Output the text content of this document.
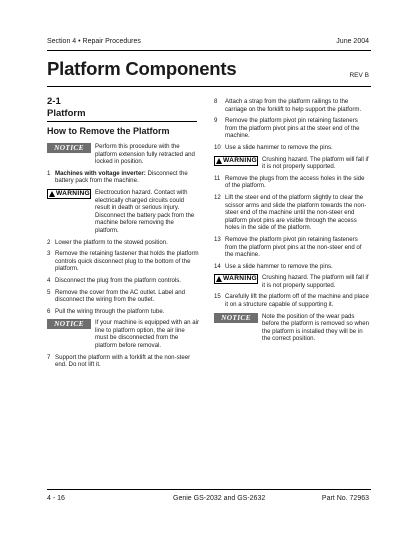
Section 4 • Repair Procedures	June 2004
Platform Components	REV B
2-1
Platform
How to Remove the Platform
NOTICE	Perform this procedure with the platform extension fully retracted and locked in position.
1 Machines with voltage inverter: Disconnect the battery pack from the machine.
WARNING Electrocution hazard. Contact with electrically charged circuits could result in death or serious injury. Disconnect the battery pack from the machine before removing the platform.
2 Lower the platform to the stowed position.
3 Remove the retaining fastener that holds the platform controls quick disconnect plug to the bottom of the platform.
4 Disconnect the plug from the platform controls.
5 Remove the cover from the AC outlet. Label and disconnect the wiring from the outlet.
6 Pull the wiring through the platform tube.
NOTICE	If your machine is equipped with an air line to platform option, the air line must be disconnected from the platform before removal.
7 Support the platform with a forklift at the non-steer end. Do not lift it.
8	Attach a strap from the platform railings to the carriage on the forklift to help support the platform.
9	Remove the platform pivot pin retaining fasteners from the platform pivot pins at the steer end of the machine.
10 Use a slide hammer to remove the pins.
WARNING Crushing hazard. The platform will fall if it is not properly supported.
11 Remove the plugs from the access holes in the side of the platform.
12 Lift the steer end of the platform slightly to clear the scissor arms and slide the platform towards the non-steer end of the machine until the non-steer end platform pivot pins are visible through the access holes in the side of the platform.
13 Remove the platform pivot pin retaining fasteners from the platform pivot pins at the non-steer end of the machine.
14 Use a slide hammer to remove the pins.
WARNING Crushing hazard. The platform will fall if it is not properly supported.
15 Carefully lift the platform off of the machine and place it on a structure capable of supporting it.
NOTICE	Note the position of the wear pads before the platform is removed so when the platform is installed they will be in the correct position.
4 - 16	Genie GS-2032 and GS-2632	Part No. 72963
